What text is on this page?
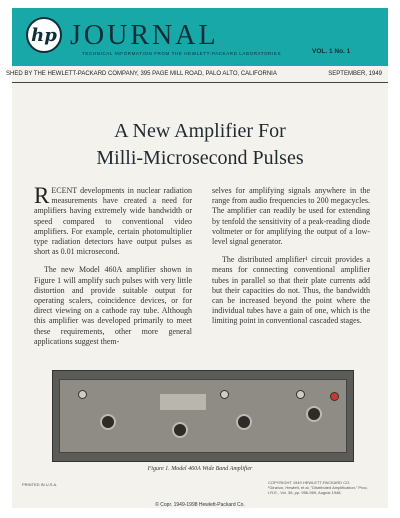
hp JOURNAL
TECHNICAL INFORMATION FROM THE HEWLETT-PACKARD LABORATORIES	VOL. 1 No. 1
SHED BY THE HEWLETT-PACKARD COMPANY, 395 PAGE MILL ROAD, PALO ALTO, CALIFORNIA	SEPTEMBER, 1949
A New Amplifier For
Milli-Microsecond Pulses

RECENT developments in nuclear radiation measurements have created a need for amplifiers having extremely wide bandwidth or speed compared to conventional video amplifiers. For example, certain photomultiplier type radiation detectors have output pulses as short as 0.01 microsecond.

The new Model 460A amplifier shown in Figure 1 will amplify such pulses with very little distortion and provide suitable output for operating scalers, coincidence devices, or for direct viewing on a cathode ray tube. Although this amplifier was developed primarily to meet these requirements, other more general applications suggest them-

selves for amplifying signals anywhere in the range from audio frequencies to 200 megacycles. The amplifier can readily be used for extending by tenfold the sensitivity of a peak-reading diode voltmeter or for amplifying the output of a low-level signal generator.

The distributed amplifier¹ circuit provides a means for connecting conventional amplifier tubes in parallel so that their plate currents add but their capacities do not. Thus, the bandwidth can be increased beyond the point where the individual tubes have a gain of one, which is the limiting point in conventional cascaded stages.

Figure 1. Model 460A Wide Band Amplifier
PRINTED IN U.S.A.	COPYRIGHT 1949 HEWLETT-PACKARD CO.
¹Ginzton, Hewlett, et al, "Distributed Amplification," Proc. I.R.E., Vol. 36, pp. 956-969, August 1948.
© Copr. 1949-1998 Hewlett-Packard Co.
